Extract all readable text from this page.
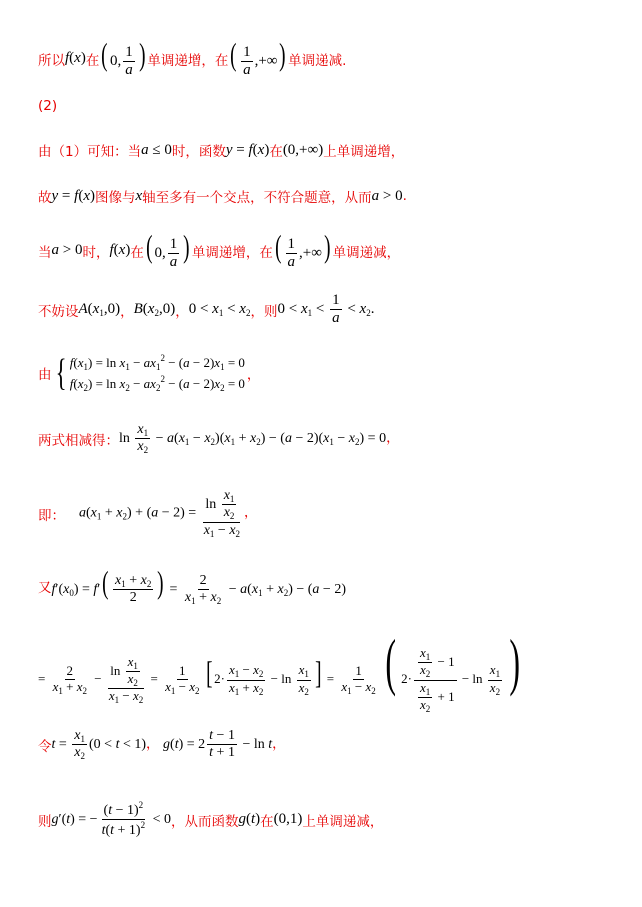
所以 f(x) 在 ( 0, $\frac{1}{a}$ ) 单调递增，在 ( $\frac{1}{a}$ ,+∞) 单调递减.
(2)
由（1）可知：当 a ≤ 0 时，函数 y = f(x) 在 (0,+∞) 上单调递增，
故 y = f(x) 图像与 x 轴至多有一个交点，不符合题意，从而 a > 0 .
当 a > 0 时， f(x) 在 ( 0, $\frac{1}{a}$ ) 单调递增，在 ( $\frac{1}{a}$ ,+∞) 单调递减，
不妨设 $A(x_1,0)$ ， $B(x_2,0)$ ， $0 < x_1 < x_2$ ，则 $0 < x_1 < \frac{1}{a} < x_2$.
由 { $f(x_1) = \ln x_1 - ax_1^2 - (a - 2)x_1 = 0$
$f(x_2) = \ln x_2 - ax_2^2 - (a - 2)x_2 = 0$
，
两式相减得： $\ln \frac{x_1}{x_2} - a(x_1 - x_2)(x_1 + x_2) - (a - 2)(x_1 - x_2) = 0$，
即： $a(x_1 + x_2) + (a - 2) = \frac{\ln \frac{x_1}{x_2}}{x_1 - x_2}$ ，
又 $f'(x_0) = f'( \frac{x_1 + x_2}{2}$ ) = $\frac{2}{x_1 + x_2} - a(x_1 + x_2) - (a - 2)$
= $\frac{2}{x_1 + x_2} - \frac{\ln \frac{x_1}{x_2}}{x_1 - x_2} = \frac{1}{x_1 - x_2}$ [ $2\cdot \frac{x_1 - x_2}{x_1 + x_2} - \ln \frac{x_1}{x_2}$ ] = $\frac{1}{x_1 - x_2}$ ( $2\cdot \frac{\frac{x_1}{x_2} - 1}{\frac{x_1}{x_2} + 1} - \ln \frac{x_1}{x_2}$ )
令 $t = \frac{x_1}{x_2} (0 < t < 1)$， $g(t) = 2 \frac{t - 1}{t + 1} - \ln t$，
则 g′(t) = − $\frac{(t - 1)^2}{t(t + 1)^2} < 0$ ，从而函数 g(t) 在 (0,1) 上单调递减，
